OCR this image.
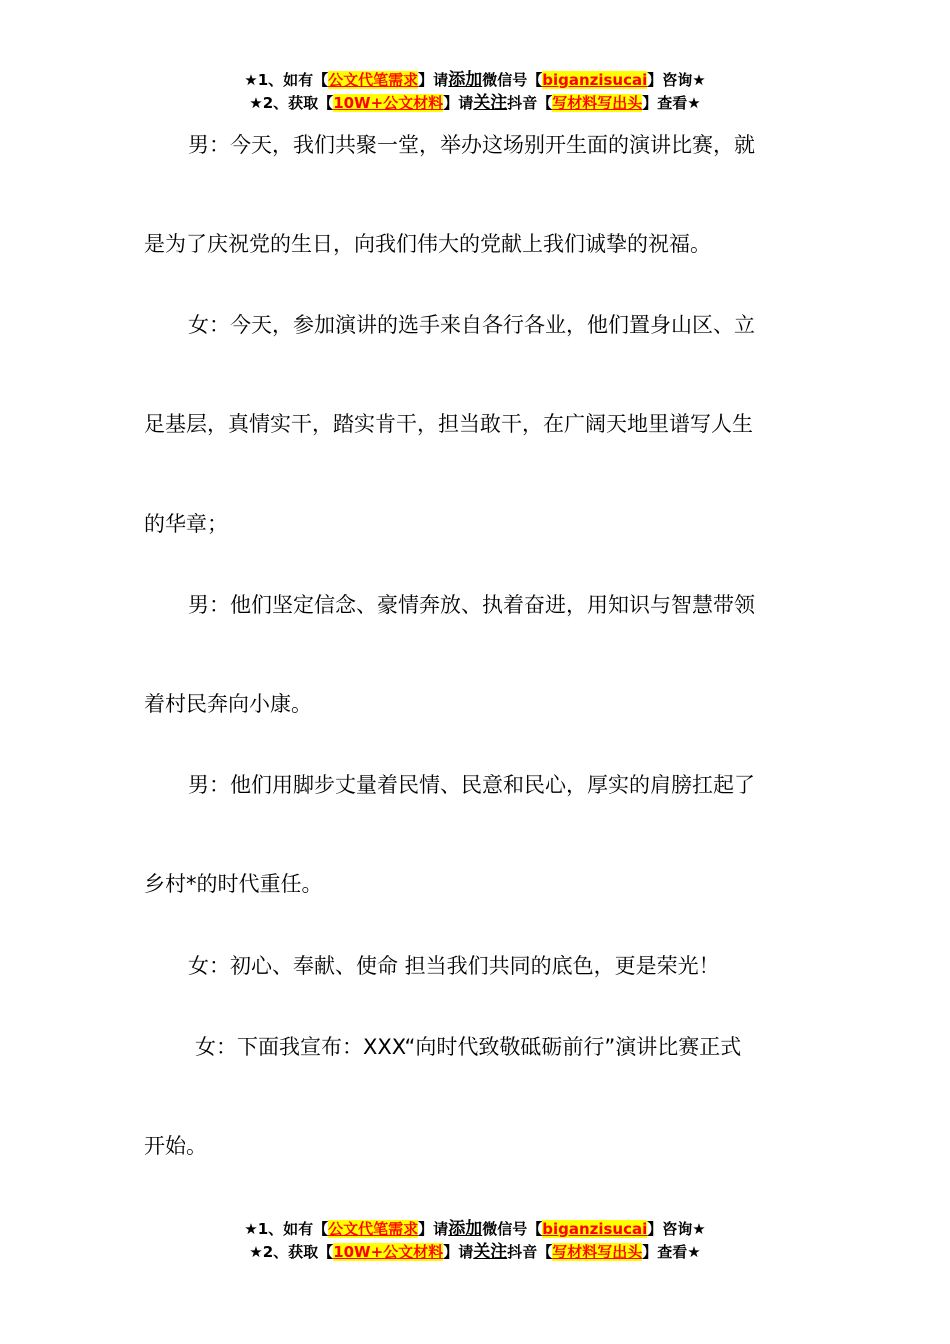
★1、如有【公文代笔需求】请添加微信号【biganzisucai】咨询★
★2、获取【10W+公文材料】请关注抖音【写材料写出头】查看★
男：今天，我们共聚一堂，举办这场别开生面的演讲比赛，就
是为了庆祝党的生日，向我们伟大的党献上我们诚挚的祝福。
女：今天，参加演讲的选手来自各行各业，他们置身山区、立
足基层，真情实干，踏实肯干，担当敢干，在广阔天地里谱写人生
的华章；
男：他们坚定信念、豪情奔放、执着奋进，用知识与智慧带领
着村民奔向小康。
男：他们用脚步丈量着民情、民意和民心，厚实的肩膀扛起了
乡村*的时代重任。
女：初心、奉献、使命 担当我们共同的底色，更是荣光！
女：下面我宣布：XXX“向时代致敬砥砺前行”演讲比赛正式
开始。
★1、如有【公文代笔需求】请添加微信号【biganzisucai】咨询★
★2、获取【10W+公文材料】请关注抖音【写材料写出头】查看★
